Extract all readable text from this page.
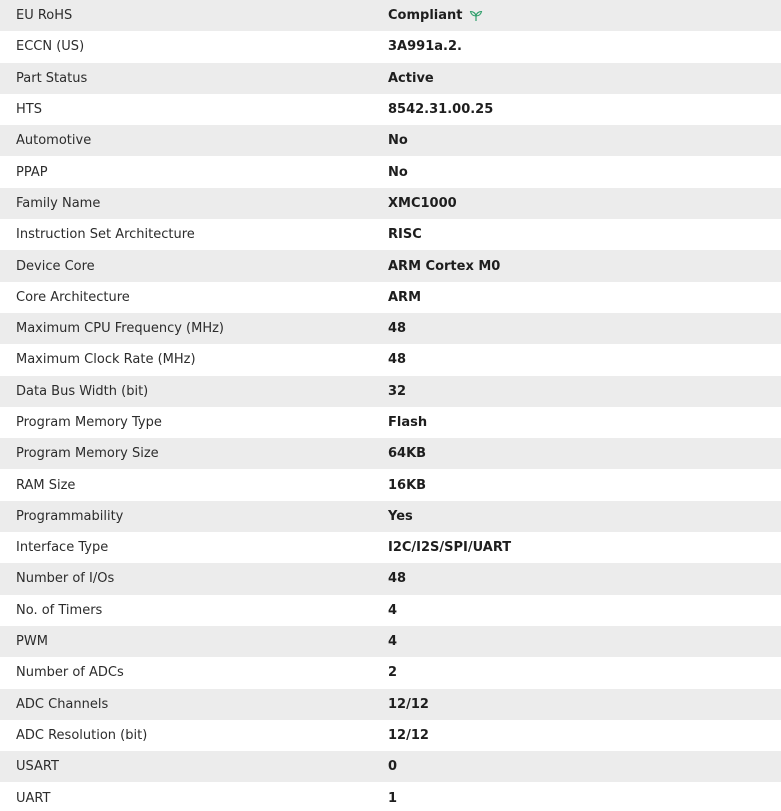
EU RoHS	Compliant
ECCN (US)	3A991a.2.
Part Status	Active
HTS	8542.31.00.25
Automotive	No
PPAP	No
Family Name	XMC1000
Instruction Set Architecture	RISC
Device Core	ARM Cortex M0
Core Architecture	ARM
Maximum CPU Frequency (MHz)	48
Maximum Clock Rate (MHz)	48
Data Bus Width (bit)	32
Program Memory Type	Flash
Program Memory Size	64KB
RAM Size	16KB
Programmability	Yes
Interface Type	I2C/I2S/SPI/UART
Number of I/Os	48
No. of Timers	4
PWM	4
Number of ADCs	2
ADC Channels	12/12
ADC Resolution (bit)	12/12
USART	0
UART	1
